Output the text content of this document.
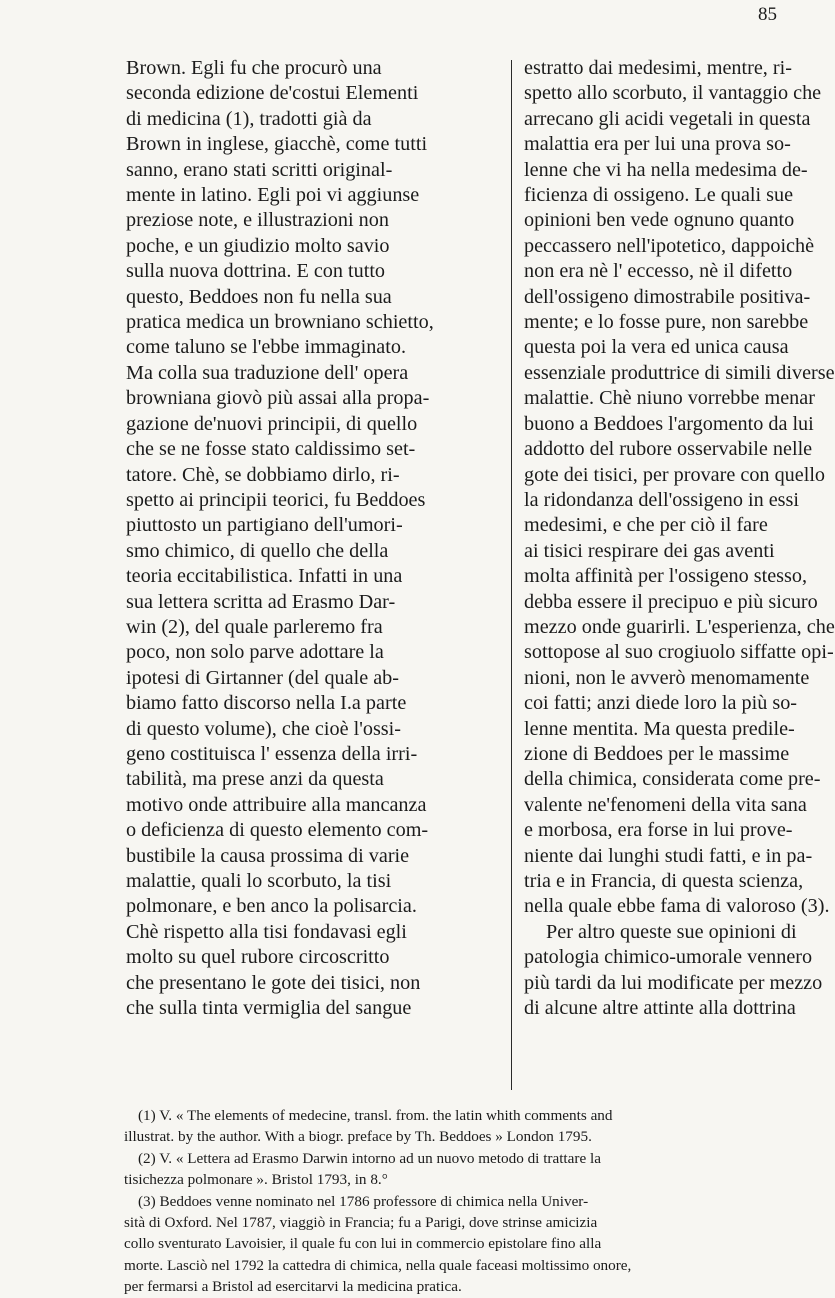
85
Brown. Egli fu che procurò una
seconda edizione de'costui Elementi
di medicina (1), tradotti già da
Brown in inglese, giacchè, come tutti
sanno, erano stati scritti original-
mente in latino. Egli poi vi aggiunse
preziose note, e illustrazioni non
poche, e un giudizio molto savio
sulla nuova dottrina. E con tutto
questo, Beddoes non fu nella sua
pratica medica un browniano schietto,
come taluno se l'ebbe immaginato.
Ma colla sua traduzione dell' opera
browniana giovò più assai alla propa-
gazione de'nuovi principii, di quello
che se ne fosse stato caldissimo set-
tatore. Chè, se dobbiamo dirlo, ri-
spetto ai principii teorici, fu Beddoes
piuttosto un partigiano dell'umori-
smo chimico, di quello che della
teoria eccitabilistica. Infatti in una
sua lettera scritta ad Erasmo Dar-
win (2), del quale parleremo fra
poco, non solo parve adottare la
ipotesi di Girtanner (del quale ab-
biamo fatto discorso nella I.a parte
di questo volume), che cioè l'ossi-
geno costituisca l' essenza della irri-
tabilità, ma prese anzi da questa
motivo onde attribuire alla mancanza
o deficienza di questo elemento com-
bustibile la causa prossima di varie
malattie, quali lo scorbuto, la tisi
polmonare, e ben anco la polisarcia.
Chè rispetto alla tisi fondavasi egli
molto su quel rubore circoscritto
che presentano le gote dei tisici, non
che sulla tinta vermiglia del sangue
estratto dai medesimi, mentre, ri-
spetto allo scorbuto, il vantaggio che
arrecano gli acidi vegetali in questa
malattia era per lui una prova so-
lenne che vi ha nella medesima de-
ficienza di ossigeno. Le quali sue
opinioni ben vede ognuno quanto
peccassero nell'ipotetico, dappoichè
non era nè l' eccesso, nè il difetto
dell'ossigeno dimostrabile positiva-
mente; e lo fosse pure, non sarebbe
questa poi la vera ed unica causa
essenziale produttrice di simili diverse
malattie. Chè niuno vorrebbe menar
buono a Beddoes l'argomento da lui
addotto del rubore osservabile nelle
gote dei tisici, per provare con quello
la ridondanza dell'ossigeno in essi
medesimi, e che per ciò il fare
ai tisici respirare dei gas aventi
molta affinità per l'ossigeno stesso,
debba essere il precipuo e più sicuro
mezzo onde guarirli. L'esperienza, che
sottopose al suo crogiuolo siffatte opi-
nioni, non le avverò menomamente
coi fatti; anzi diede loro la più so-
lenne mentita. Ma questa predile-
zione di Beddoes per le massime
della chimica, considerata come pre-
valente ne'fenomeni della vita sana
e morbosa, era forse in lui prove-
niente dai lunghi studi fatti, e in pa-
tria e in Francia, di questa scienza,
nella quale ebbe fama di valoroso (3).
Per altro queste sue opinioni di
patologia chimico-umorale vennero
più tardi da lui modificate per mezzo
di alcune altre attinte alla dottrina
(1) V. « The elements of medecine, transl. from. the latin whith comments and
illustrat. by the author. With a biogr. preface by Th. Beddoes » London 1795.
(2) V. « Lettera ad Erasmo Darwin intorno ad un nuovo metodo di trattare la
tisichezza polmonare ». Bristol 1793, in 8.°
(3) Beddoes venne nominato nel 1786 professore di chimica nella Univer-
sità di Oxford. Nel 1787, viaggiò in Francia; fu a Parigi, dove strinse amicizia
collo sventurato Lavoisier, il quale fu con lui in commercio epistolare fino alla
morte. Lasciò nel 1792 la cattedra di chimica, nella quale faceasi moltissimo onore,
per fermarsi a Bristol ad esercitarvi la medicina pratica.
